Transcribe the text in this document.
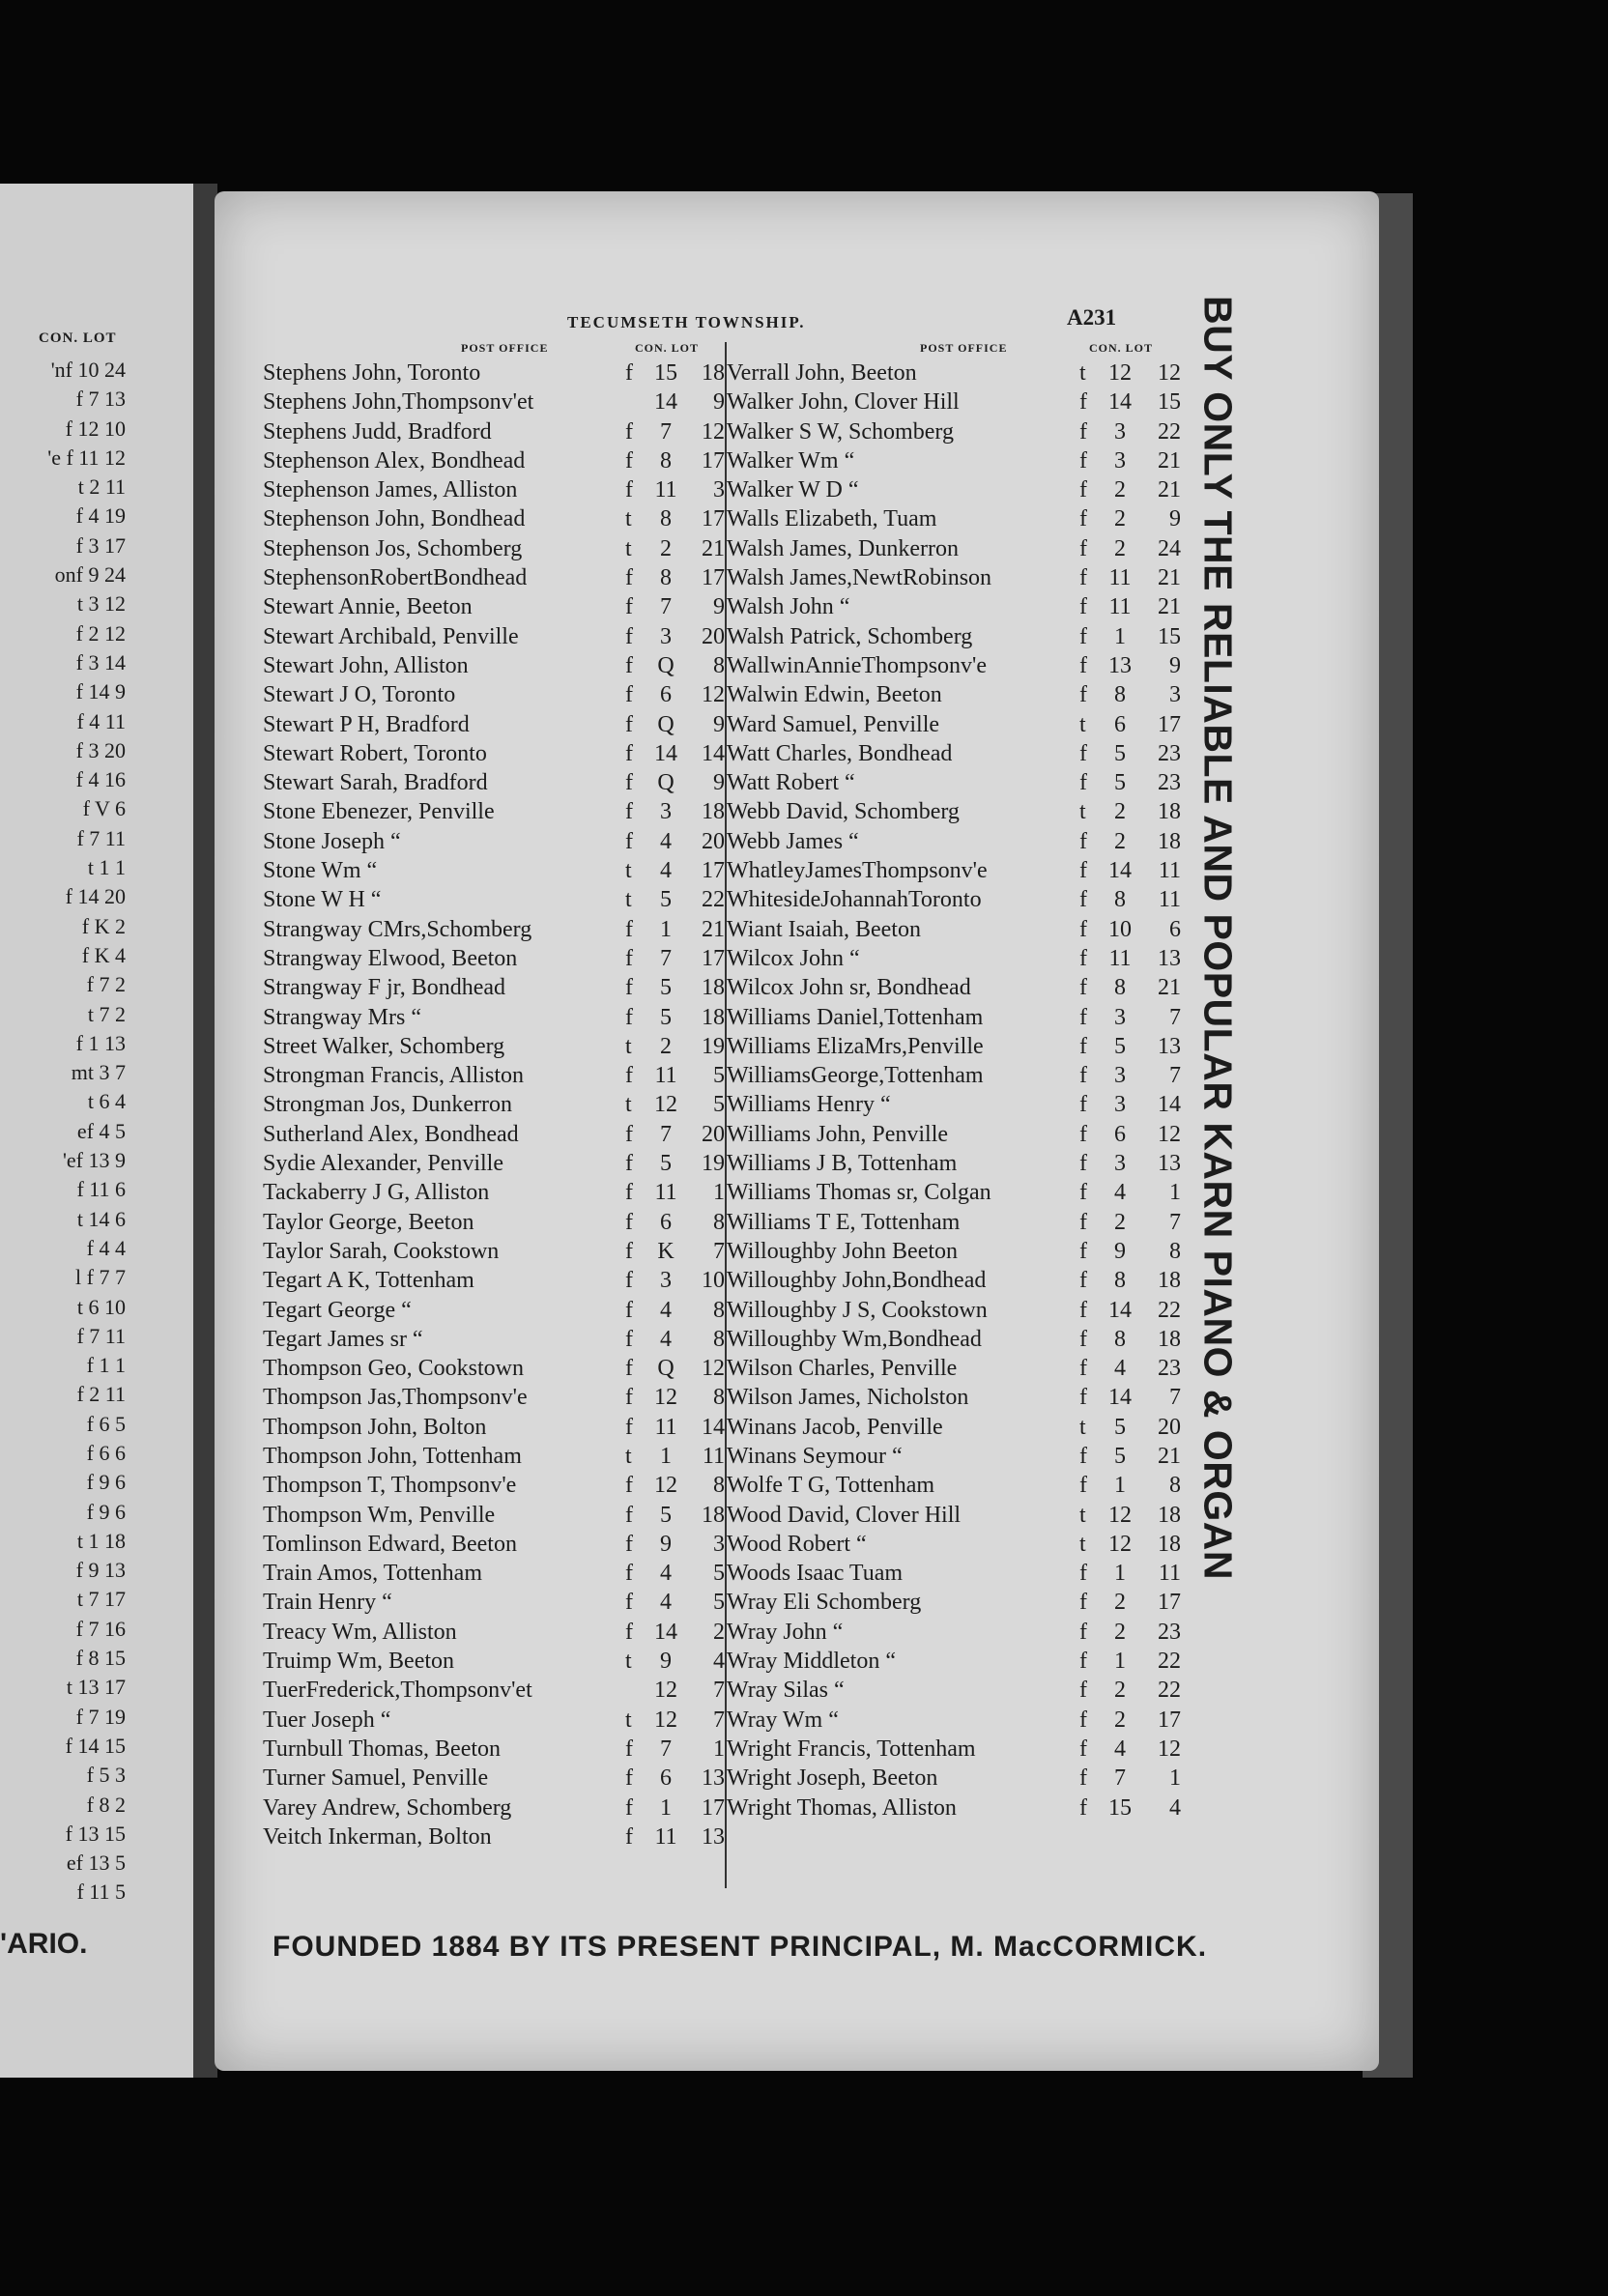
CON. LOT
'nf 10 24
f 7 13
f 12 10
'e f 11 12
t 2 11
f 4 19
f 3 17
onf 9 24
t 3 12
f 2 12
f 3 14
f 14 9
f 4 11
f 3 20
f 4 16
f V 6
f 7 11
t 1 1
f 14 20
f K 2
f K 4
f 7 2
t 7 2
f 1 13
mt 3 7
t 6 4
ef 4 5
'ef 13 9
f 11 6
t 14 6
f 4 4
l f 7 7
t 6 10
f 7 11
f 1 1
f 2 11
f 6 5
f 6 6
f 9 6
f 9 6
t 1 18
f 9 13
t 7 17
f 7 16
f 8 15
t 13 17
f 7 19
f 14 15
f 5 3
f 8 2
f 13 15
ef 13 5
f 11 5
'ARIO.
TECUMSETH TOWNSHIP.	A231
POST OFFICE	CON. LOT
Stephens John, Toronto	f 15	18
Stephens John,Thompsonv'et	14	9
Stephens Judd, Bradford	f	7	12
Stephenson Alex, Bondhead	f	8	17
Stephenson James, Alliston	f 11	3
Stephenson John, Bondhead	t	8	17
Stephenson Jos, Schomberg	t	2	21
StephensonRobertBondhead	f	8	17
Stewart Annie, Beeton	f	7	9
Stewart Archibald, Penville	f	3	20
Stewart John, Alliston	f	Q	8
Stewart J O, Toronto	f	6	12
Stewart P H, Bradford	f	Q	9
Stewart Robert, Toronto	f 14	14
Stewart Sarah, Bradford	f	Q	9
Stone Ebenezer, Penville	f	3	18
Stone Joseph “	f	4	20
Stone Wm “	t	4	17
Stone W H “	t	5	22
Strangway CMrs,Schomberg	f	1	21
Strangway Elwood, Beeton	f	7	17
Strangway F jr, Bondhead	f	5	18
Strangway Mrs “	f	5	18
Street Walker, Schomberg	t	2	19
Strongman Francis, Alliston	f 11	5
Strongman Jos, Dunkerron	t 12	5
Sutherland Alex, Bondhead	f	7	20
Sydie Alexander, Penville	f	5	19
Tackaberry J G, Alliston	f 11	1
Taylor George, Beeton	f	6	8
Taylor Sarah, Cookstown	f	K	7
Tegart A K, Tottenham	f	3	10
Tegart George “	f	4	8
Tegart James sr “	f	4	8
Thompson Geo, Cookstown	f	Q	12
Thompson Jas,Thompsonv'e	f 12	8
Thompson John, Bolton	f 11	14
Thompson John, Tottenham	t	1	11
Thompson T, Thompsonv'e	f 12	8
Thompson Wm, Penville	f	5	18
Tomlinson Edward, Beeton	f	9	3
Train Amos, Tottenham	f	4	5
Train Henry “	f	4	5
Treacy Wm, Alliston	f 14	2
Truimp Wm, Beeton	t	9	4
TuerFrederick,Thompsonv'et	12	7
Tuer Joseph “	t 12	7
Turnbull Thomas, Beeton	f	7	1
Turner Samuel, Penville	f	6	13
Varey Andrew, Schomberg	f	1	17
Veitch Inkerman, Bolton	f 11	13
POST OFFICE	CON. LOT
Verrall John, Beeton	t 12	12
Walker John, Clover Hill	f 14	15
Walker S W, Schomberg	f	3	22
Walker Wm “	f	3	21
Walker W D “	f	2	21
Walls Elizabeth, Tuam	f	2	9
Walsh James, Dunkerron	f	2	24
Walsh James,NewtRobinson	f 11	21
Walsh John “	f 11	21
Walsh Patrick, Schomberg	f	1	15
WallwinAnnieThompsonv'e	f 13	9
Walwin Edwin, Beeton	f	8	3
Ward Samuel, Penville	t	6	17
Watt Charles, Bondhead	f	5	23
Watt Robert “	f	5	23
Webb David, Schomberg	t	2	18
Webb James “	f	2	18
WhatleyJamesThompsonv'e	f 14	11
WhitesideJohannahToronto	f	8	11
Wiant Isaiah, Beeton	f 10	6
Wilcox John “	f 11	13
Wilcox John sr, Bondhead	f	8	21
Williams Daniel,Tottenham	f	3	7
Williams ElizaMrs,Penville	f	5	13
WilliamsGeorge,Tottenham	f	3	7
Williams Henry “	f	3	14
Williams John, Penville	f	6	12
Williams J B, Tottenham	f	3	13
Williams Thomas sr, Colgan	f	4	1
Williams T E, Tottenham	f	2	7
Willoughby John Beeton	f	9	8
Willoughby John,Bondhead	f	8	18
Willoughby J S, Cookstown	f 14	22
Willoughby Wm,Bondhead	f	8	18
Wilson Charles, Penville	f	4	23
Wilson James, Nicholston	f 14	7
Winans Jacob, Penville	t	5	20
Winans Seymour “	f	5	21
Wolfe T G, Tottenham	f	1	8
Wood David, Clover Hill	t 12	18
Wood Robert “	t 12	18
Woods Isaac Tuam	f	1	11
Wray Eli Schomberg	f	2	17
Wray John “	f	2	23
Wray Middleton “	f	1	22
Wray Silas “	f	2	22
Wray Wm “	f	2	17
Wright Francis, Tottenham	f	4	12
Wright Joseph, Beeton	f	7	1
Wright Thomas, Alliston	f 15	4
FOUNDED 1884 BY ITS PRESENT PRINCIPAL, M. MacCORMICK.
BUY ONLY THE RELIABLE AND POPULAR KARN PIANO & ORGAN
